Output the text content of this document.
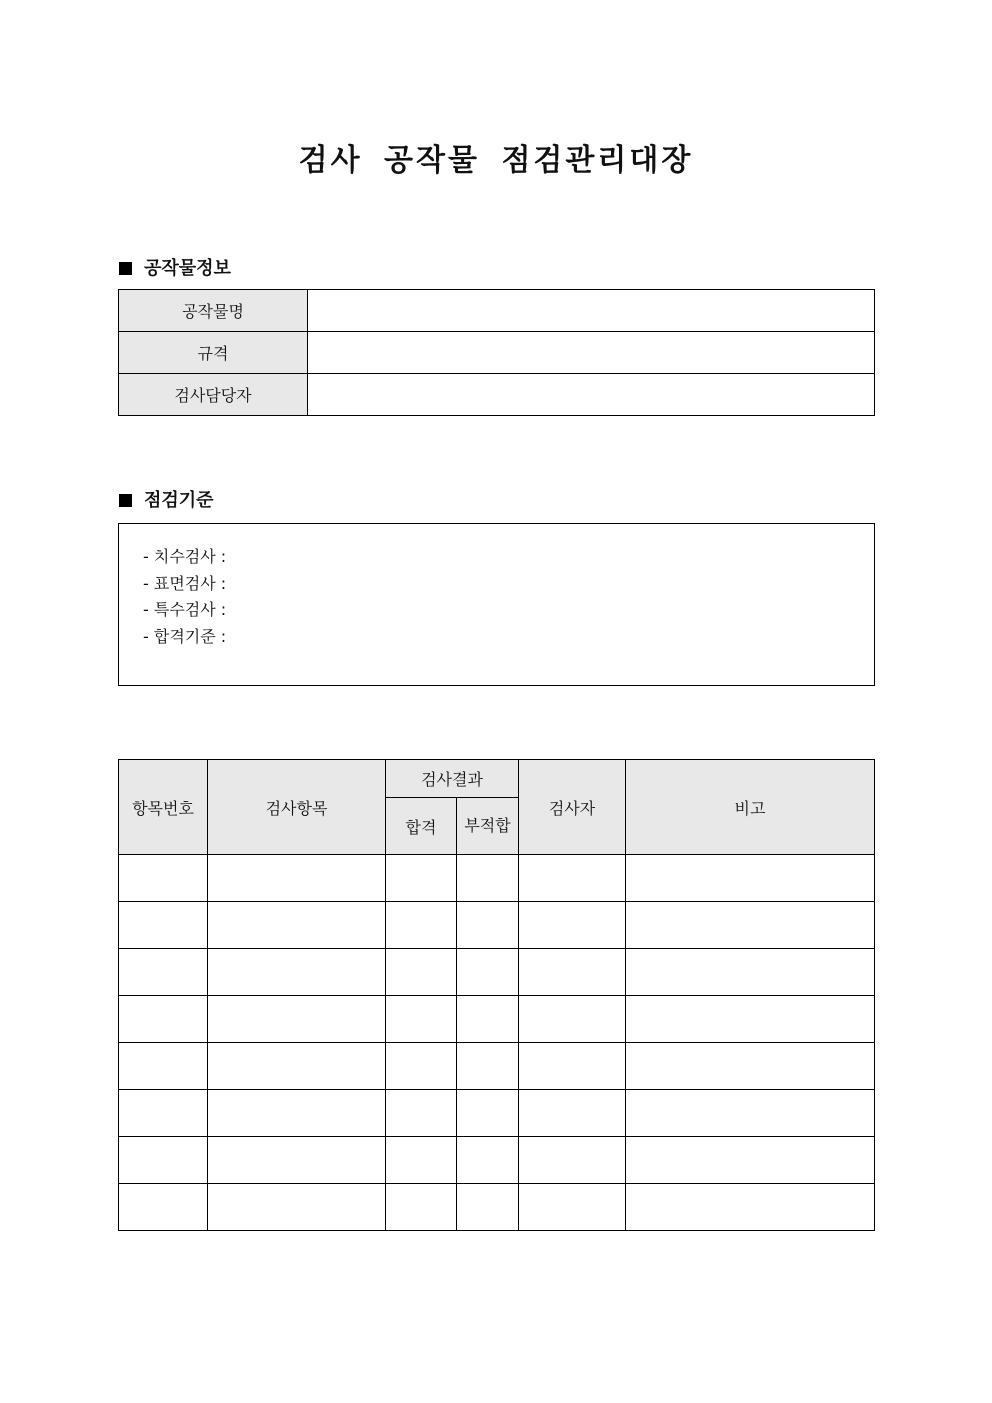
검사 공작물 점검관리대장
공작물정보
공작물명	
규격	
검사담당자	
점검기준
- 치수검사 :
- 표면검사 :
- 특수검사 :
- 합격기준 :
항목번호	검사항목	검사결과		검사자	비고
		합격	부적합		
